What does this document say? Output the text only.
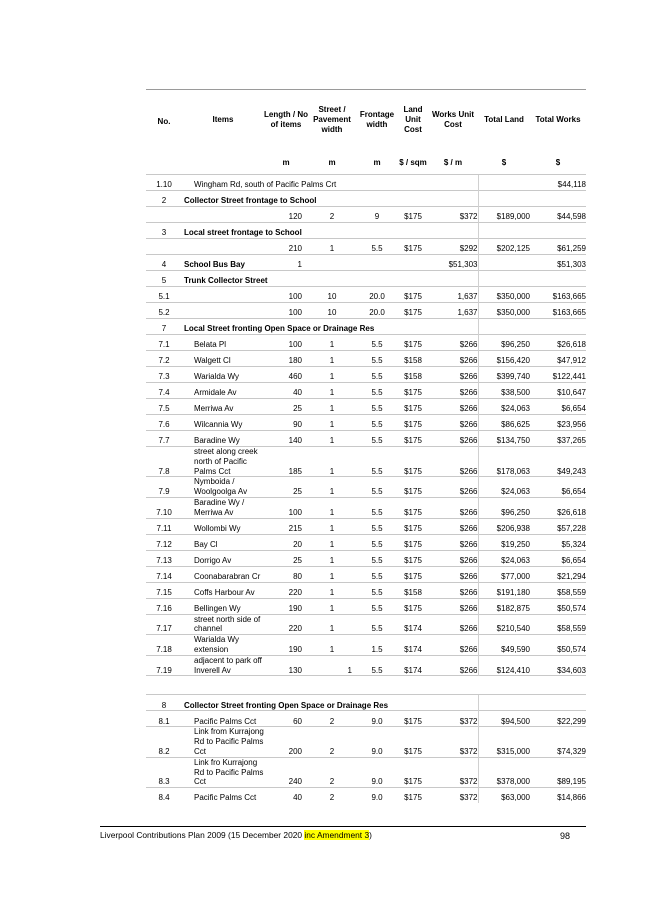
No.	Items	Length / No of items	Street / Pavement width	Frontage width	Land Unit Cost	Works Unit Cost	Total Land	Total Works
		m	m	m	$ / sqm	$ / m	$	$
1.10	Wingham Rd, south of Pacific Palms Crt							$44,118
2	Collector Street frontage to School							
		120	2	9	$175	$372	$189,000	$44,598
3	Local street frontage to School							
		210	1	5.5	$175	$292	$202,125	$61,259
4	School Bus Bay	1				$51,303		$51,303
5	Trunk Collector Street							
5.1		100	10	20.0	$175	1,637	$350,000	$163,665
5.2		100	10	20.0	$175	1,637	$350,000	$163,665
7	Local Street fronting Open Space or Drainage Res							
7.1	Belata Pl	100	1	5.5	$175	$266	$96,250	$26,618
7.2	Walgett Cl	180	1	5.5	$158	$266	$156,420	$47,912
7.3	Warialda Wy	460	1	5.5	$158	$266	$399,740	$122,441
7.4	Armidale Av	40	1	5.5	$175	$266	$38,500	$10,647
7.5	Merriwa Av	25	1	5.5	$175	$266	$24,063	$6,654
7.6	Wilcannia Wy	90	1	5.5	$175	$266	$86,625	$23,956
7.7	Baradine Wy	140	1	5.5	$175	$266	$134,750	$37,265
7.8	street along creek north of Pacific Palms Cct	185	1	5.5	$175	$266	$178,063	$49,243
7.9	Nymboida / Woolgoolga Av	25	1	5.5	$175	$266	$24,063	$6,654
7.10	Baradine Wy / Merriwa Av	100	1	5.5	$175	$266	$96,250	$26,618
7.11	Wollombi Wy	215	1	5.5	$175	$266	$206,938	$57,228
7.12	Bay Cl	20	1	5.5	$175	$266	$19,250	$5,324
7.13	Dorrigo Av	25	1	5.5	$175	$266	$24,063	$6,654
7.14	Coonabarabran Cr	80	1	5.5	$175	$266	$77,000	$21,294
7.15	Coffs Harbour Av	220	1	5.5	$158	$266	$191,180	$58,559
7.16	Bellingen Wy	190	1	5.5	$175	$266	$182,875	$50,574
7.17	street north side of channel	220	1	5.5	$174	$266	$210,540	$58,559
7.18	Warialda Wy extension	190	1	1.5	$174	$266	$49,590	$50,574
7.19	adjacent to park off Inverell Av	130	1	5.5	$174	$266	$124,410	$34,603

8	Collector Street fronting Open Space or Drainage Res							
8.1	Pacific Palms Cct	60	2	9.0	$175	$372	$94,500	$22,299
8.2	Link from Kurrajong Rd to Pacific Palms Cct	200	2	9.0	$175	$372	$315,000	$74,329
8.3	Link fro Kurrajong Rd to Pacific Palms Cct	240	2	9.0	$175	$372	$378,000	$89,195
8.4	Pacific Palms Cct	40	2	9.0	$175	$372	$63,000	$14,866
Liverpool Contributions Plan 2009 (15 December 2020 inc Amendment 3)	98
